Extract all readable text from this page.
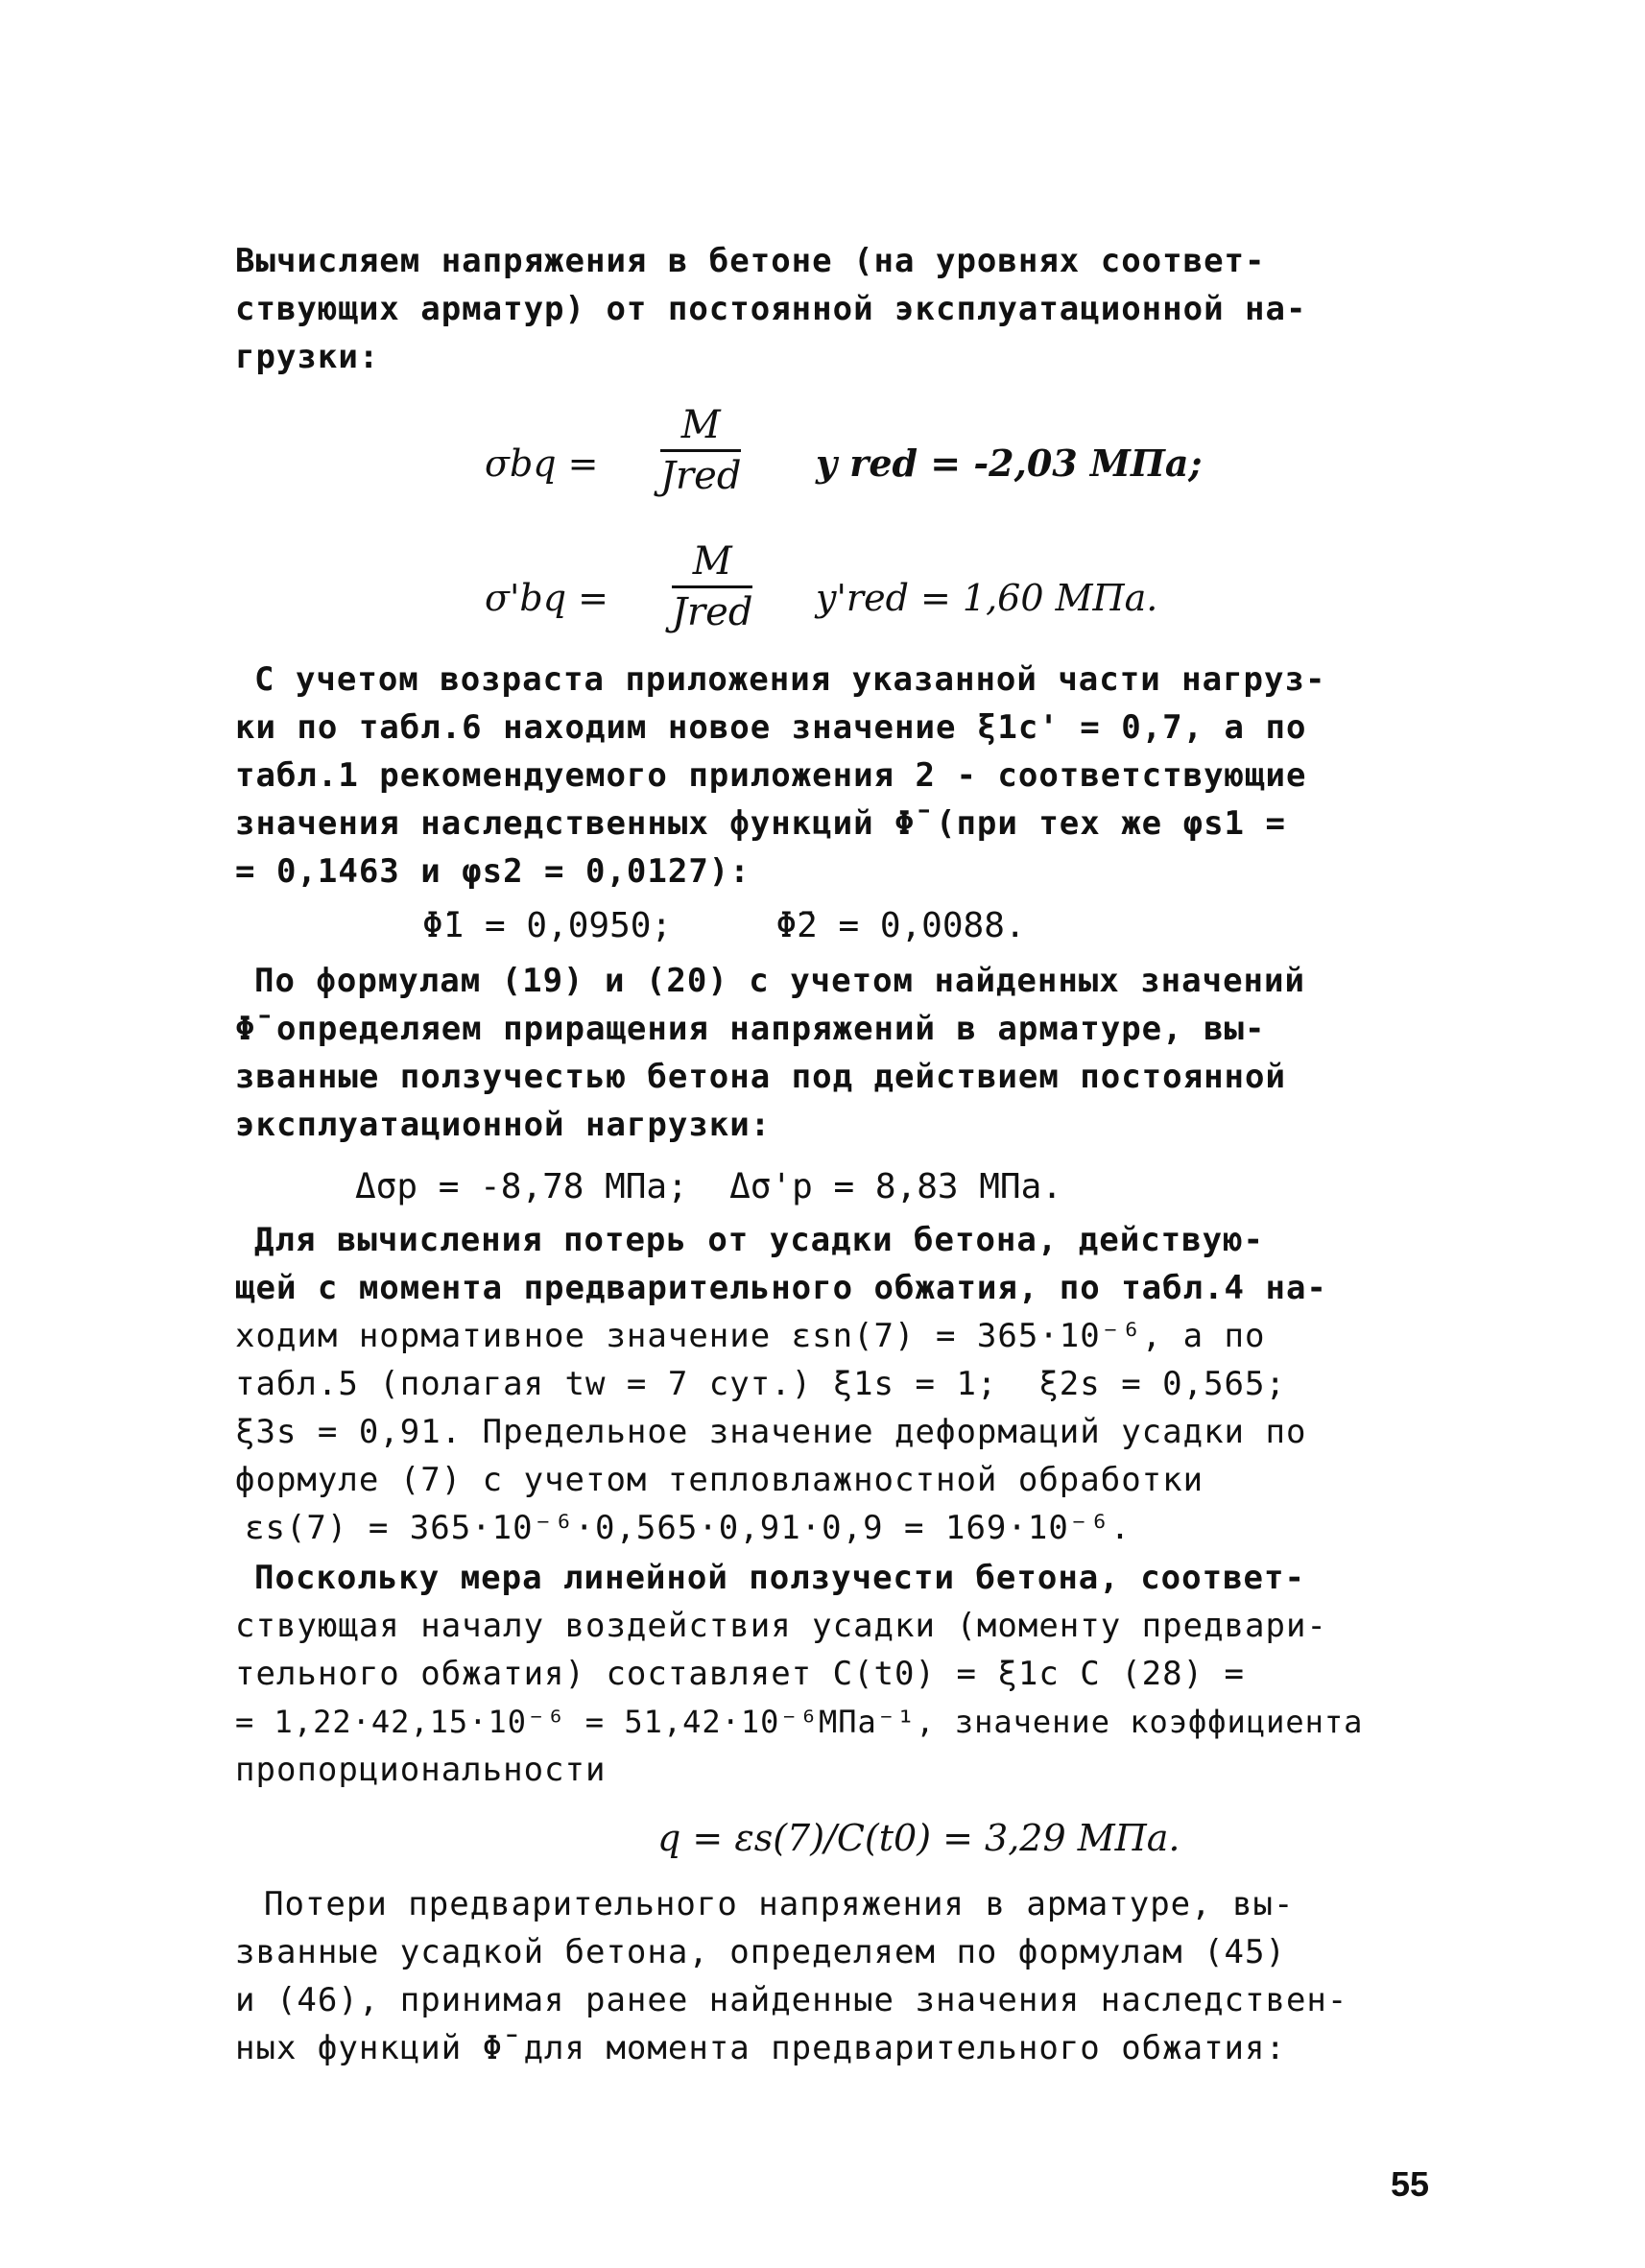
Вычисляем напряжения в бетоне (на уровнях соответ-
ствующих арматур) от постоянной эксплуатационной на-
грузки:
σbq =
M
Jred y red = -2,03 МПа;
σ'bq =
M
Jred y'red = 1,60 МПа.
С учетом возраста приложения указанной части нагруз-
ки по табл.6 находим новое значение ξ1c' = 0,7, а по
табл.1 рекомендуемого приложения 2 - соответствующие
значения наследственных функций Φ̄ (при тех же φs1 =
= 0,1463 и φs2 = 0,0127):
Φ̄1 = 0,0950;     Φ̄2 = 0,0088.
По формулам (19) и (20) с учетом найденных значений
Φ̄ определяем приращения напряжений в арматуре, вы-
званные ползучестью бетона под действием постоянной
эксплуатационной нагрузки:
Δσp = -8,78 МПа;  Δσ'p = 8,83 МПа.
Для вычисления потерь от усадки бетона, действую-
щей с момента предварительного обжатия, по табл.4 на-
ходим нормативное значение εsn(7) = 365·10⁻⁶, а по
табл.5 (полагая tw = 7 сут.) ξ1s = 1;  ξ2s = 0,565;
ξ3s = 0,91. Предельное значение деформаций усадки по
формуле (7) с учетом тепловлажностной обработки
εs(7) = 365·10⁻⁶·0,565·0,91·0,9 = 169·10⁻⁶.
Поскольку мера линейной ползучести бетона, соответ-
ствующая началу воздействия усадки (моменту предвари-
тельного обжатия) составляет C(t0) = ξ1c C (28) =
= 1,22·42,15·10⁻⁶ = 51,42·10⁻⁶МПа⁻¹, значение коэффициента
пропорциональности
q = εs(7)/C(t0) = 3,29 МПа.
Потери предварительного напряжения в арматуре, вы-
званные усадкой бетона, определяем по формулам (45)
и (46), принимая ранее найденные значения наследствен-
ных функций Φ̄ для момента предварительного обжатия:
55
